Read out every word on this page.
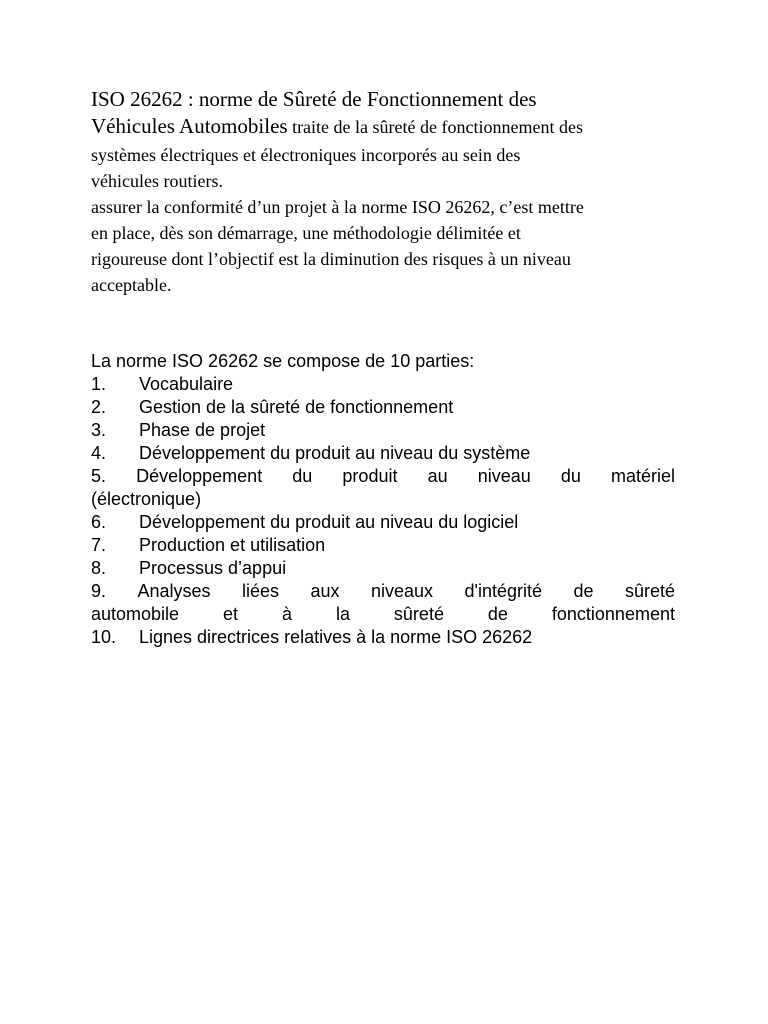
ISO 26262 : norme de Sûreté de Fonctionnement des

Véhicules Automobiles traite de la sûreté de fonctionnement des

systèmes électriques et électroniques incorporés au sein des

véhicules routiers.

assurer la conformité d’un projet à la norme ISO 26262, c’est mettre

en place, dès son démarrage, une méthodologie délimitée et

rigoureuse dont l’objectif est la diminution des risques à un niveau

acceptable.

La norme ISO 26262 se compose de 10 parties:

1.	Vocabulaire
2.	Gestion de la sûreté de fonctionnement
3.	Phase de projet
4.	Développement du produit au niveau du système
5. Développement du produit au niveau du matériel

(électronique)

6.	Développement du produit au niveau du logiciel
7.	Production et utilisation
8.	Processus d’appui
9. Analyses liées aux niveaux d'intégrité de sûreté
automobile et à la sûreté de fonctionnement
10.	Lignes directrices relatives à la norme ISO 26262
